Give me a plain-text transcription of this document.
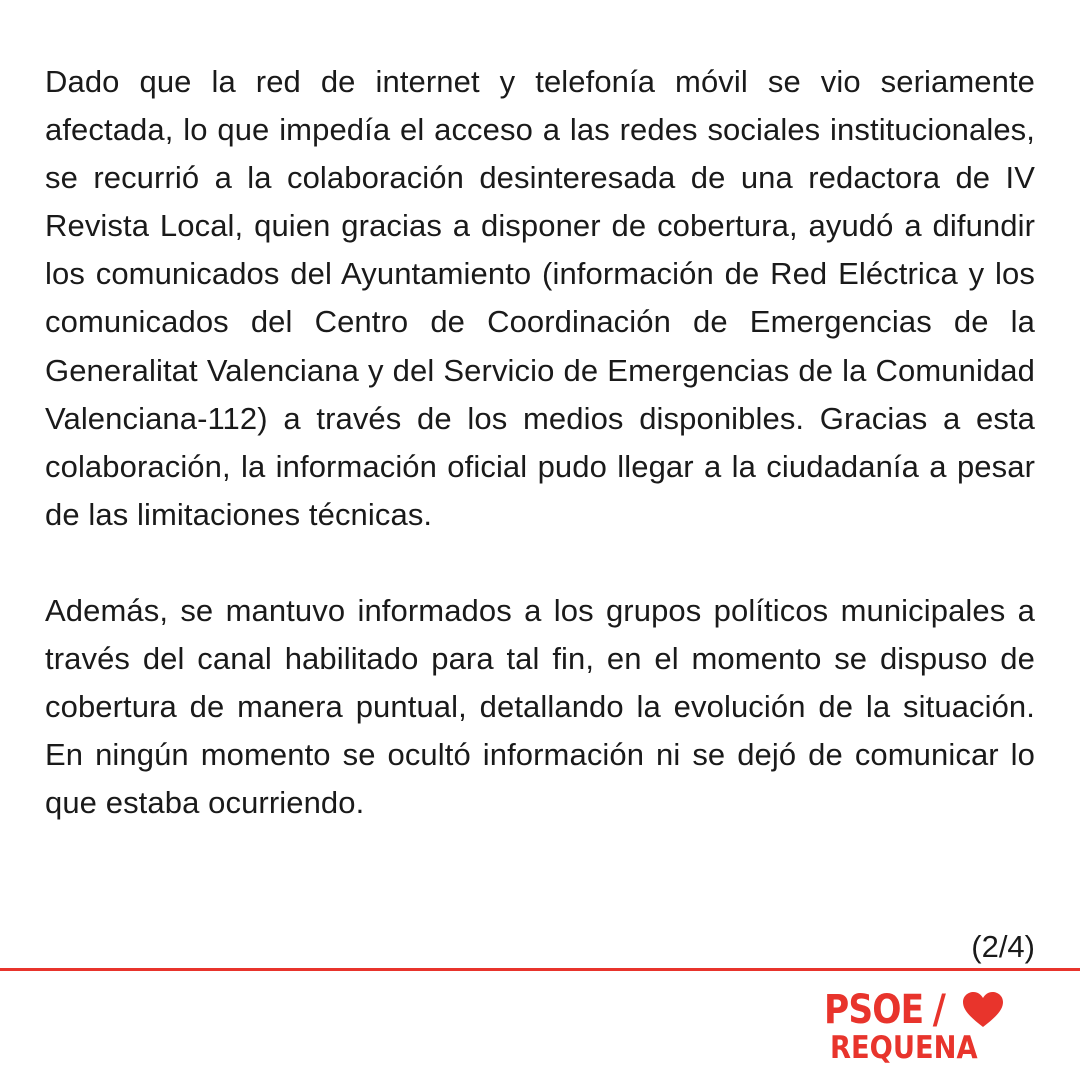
Dado que la red de internet y telefonía móvil se vio seriamente afectada, lo que impedía el acceso a las redes sociales institucionales, se recurrió a la colaboración desinteresada de una redactora de IV Revista Local, quien gracias a disponer de cobertura, ayudó a difundir los comunicados del Ayuntamiento (información de Red Eléctrica y los comunicados del Centro de Coordinación de Emergencias de la Generalitat Valenciana y del Servicio de Emergencias de la Comunidad Valenciana-112) a través de los medios disponibles. Gracias a esta colaboración, la información oficial pudo llegar a la ciudadanía a pesar de las limitaciones técnicas.

Además, se mantuvo informados a los grupos políticos municipales a través del canal habilitado para tal fin, en el momento se dispuso de cobertura de manera puntual, detallando la evolución de la situación. En ningún momento se ocultó información ni se dejó de comunicar lo que estaba ocurriendo.

(2/4)
PSOE /
REQUENA
